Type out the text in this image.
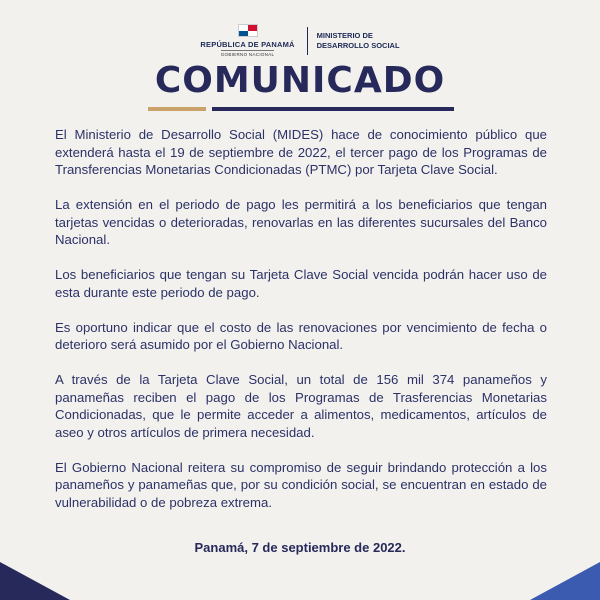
REPÚBLICA DE PANAMÁ
GOBIERNO NACIONAL
MINISTERIO DE
DESARROLLO SOCIAL
COMUNICADO

El Ministerio de Desarrollo Social (MIDES) hace de conocimiento público que extenderá hasta el 19 de septiembre de 2022, el tercer pago de los Programas de Transferencias Monetarias Condicionadas (PTMC) por Tarjeta Clave Social.

La extensión en el periodo de pago les permitirá a los beneficiarios que tengan tarjetas vencidas o deterioradas, renovarlas en las diferentes sucursales del Banco Nacional.

Los beneficiarios que tengan su Tarjeta Clave Social vencida podrán hacer uso de esta durante este periodo de pago.

Es oportuno indicar que el costo de las renovaciones por vencimiento de fecha o deterioro será asumido por el Gobierno Nacional.

A través de la Tarjeta Clave Social, un total de 156 mil 374 panameños y panameñas reciben el pago de los Programas de Trasferencias Monetarias Condicionadas, que le permite acceder a alimentos, medicamentos, artículos de aseo y otros artículos de primera necesidad.

El Gobierno Nacional reitera su compromiso de seguir brindando protección a los panameños y panameñas que, por su condición social, se encuentran en estado de vulnerabilidad o de pobreza extrema.

Panamá, 7 de septiembre de 2022.
